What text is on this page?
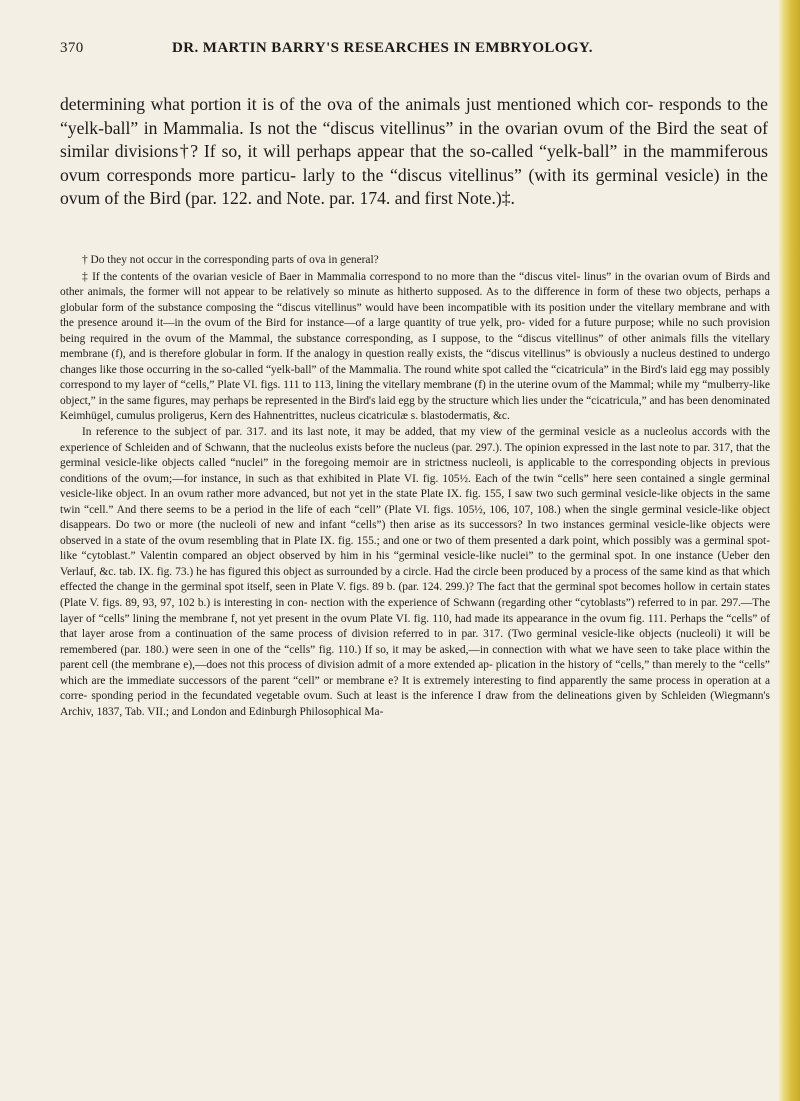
370	DR. MARTIN BARRY'S RESEARCHES IN EMBRYOLOGY.

determining what portion it is of the ova of the animals just mentioned which cor- responds to the “yelk-ball” in Mammalia. Is not the “discus vitellinus” in the ovarian ovum of the Bird the seat of similar divisions†? If so, it will perhaps appear that the so-called “yelk-ball” in the mammiferous ovum corresponds more particu- larly to the “discus vitellinus” (with its germinal vesicle) in the ovum of the Bird (par. 122. and Note. par. 174. and first Note.)‡.

† Do they not occur in the corresponding parts of ova in general?

‡ If the contents of the ovarian vesicle of Baer in Mammalia correspond to no more than the “discus vitel- linus” in the ovarian ovum of Birds and other animals, the former will not appear to be relatively so minute as hitherto supposed. As to the difference in form of these two objects, perhaps a globular form of the substance composing the “discus vitellinus” would have been incompatible with its position under the vitellary membrane and with the presence around it—in the ovum of the Bird for instance—of a large quantity of true yelk, pro- vided for a future purpose; while no such provision being required in the ovum of the Mammal, the substance corresponding, as I suppose, to the “discus vitellinus” of other animals fills the vitellary membrane (f), and is therefore globular in form. If the analogy in question really exists, the “discus vitellinus” is obviously a nucleus destined to undergo changes like those occurring in the so-called “yelk-ball” of the Mammalia. The round white spot called the “cicatricula” in the Bird's laid egg may possibly correspond to my layer of “cells,” Plate VI. figs. 111 to 113, lining the vitellary membrane (f) in the uterine ovum of the Mammal; while my “mulberry-like object,” in the same figures, may perhaps be represented in the Bird's laid egg by the structure which lies under the “cicatricula,” and has been denominated Keimhügel, cumulus proligerus, Kern des Hahnentrittes, nucleus cicatriculæ s. blastodermatis, &c.

In reference to the subject of par. 317. and its last note, it may be added, that my view of the germinal vesicle as a nucleolus accords with the experience of Schleiden and of Schwann, that the nucleolus exists before the nucleus (par. 297.). The opinion expressed in the last note to par. 317, that the germinal vesicle-like objects called “nuclei” in the foregoing memoir are in strictness nucleoli, is applicable to the corresponding objects in previous conditions of the ovum;—for instance, in such as that exhibited in Plate VI. fig. 105½. Each of the twin “cells” here seen contained a single germinal vesicle-like object. In an ovum rather more advanced, but not yet in the state Plate IX. fig. 155, I saw two such germinal vesicle-like objects in the same twin “cell.” And there seems to be a period in the life of each “cell” (Plate VI. figs. 105½, 106, 107, 108.) when the single germinal vesicle-like object disappears. Do two or more (the nucleoli of new and infant “cells”) then arise as its successors? In two instances germinal vesicle-like objects were observed in a state of the ovum resembling that in Plate IX. fig. 155.; and one or two of them presented a dark point, which possibly was a germinal spot-like “cytoblast.” Valentin compared an object observed by him in his “germinal vesicle-like nuclei” to the germinal spot. In one instance (Ueber den Verlauf, &c. tab. IX. fig. 73.) he has figured this object as surrounded by a circle. Had the circle been produced by a process of the same kind as that which effected the change in the germinal spot itself, seen in Plate V. figs. 89 b. (par. 124. 299.)? The fact that the germinal spot becomes hollow in certain states (Plate V. figs. 89, 93, 97, 102 b.) is interesting in con- nection with the experience of Schwann (regarding other “cytoblasts”) referred to in par. 297.—The layer of “cells” lining the membrane f, not yet present in the ovum Plate VI. fig. 110, had made its appearance in the ovum fig. 111. Perhaps the “cells” of that layer arose from a continuation of the same process of division referred to in par. 317. (Two germinal vesicle-like objects (nucleoli) it will be remembered (par. 180.) were seen in one of the “cells” fig. 110.) If so, it may be asked,—in connection with what we have seen to take place within the parent cell (the membrane e),—does not this process of division admit of a more extended ap- plication in the history of “cells,” than merely to the “cells” which are the immediate successors of the parent “cell” or membrane e? It is extremely interesting to find apparently the same process in operation at a corre- sponding period in the fecundated vegetable ovum. Such at least is the inference I draw from the delineations given by Schleiden (Wiegmann's Archiv, 1837, Tab. VII.; and London and Edinburgh Philosophical Ma-
